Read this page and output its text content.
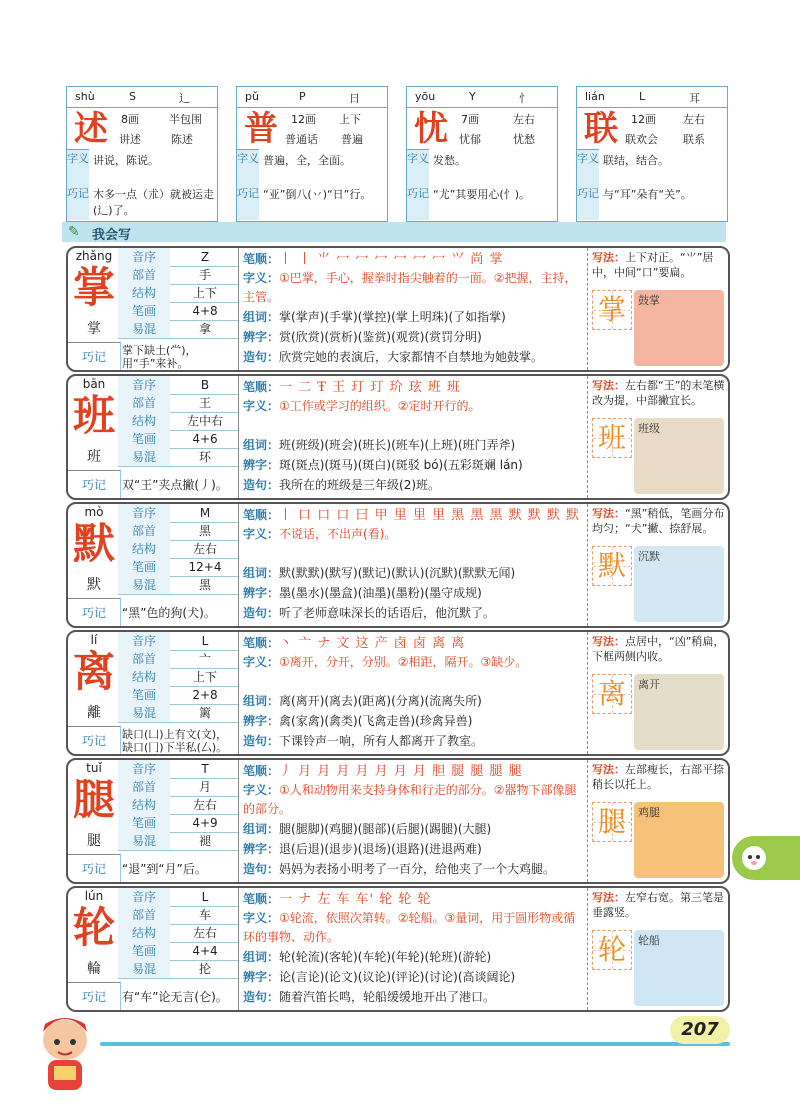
shù	S	辶
述	8画	半包围
讲述	陈述
字义 讲说，陈说。
巧记 木多一点（朮）就被运走(辶)了。
pǔ	P	日
普	12画 上下
普通话 普遍
字义 普遍，全，全面。
巧记 “亚”倒八(丷)“日”行。
yōu	Y	忄
忧	7画	左右
忧郁	忧愁
字义 发愁。
巧记 “尤”其要用心(忄)。
lián	L	耳
联	12画 左右
联欢会 联系
字义 联结，结合。
巧记 与“耳”朵有“关”。
✎ 我会写
zhǎng
掌
掌
音序	Z
部首	手
结构	上下
笔画	4+8
易混	拿
巧记	掌下缺土(龸)，用“手”来补。
笔顺：丨 丨 ⺌ 冖 冖 冖 冖 冖 冖 ⺍ 尚 掌
字义：①巴掌，手心，握拳时指尖触着的一面。②把握，主持，主管。
组词：掌(掌声)(手掌)(掌控)(掌上明珠)(了如指掌)
辨字：赏(欣赏)(赏析)(鉴赏)(观赏)(赏罚分明)
造句：欣赏完她的表演后，大家都情不自禁地为她鼓掌。
写法：上下对正。“⺌”居中，中间“口”要扁。
掌	鼓掌
bān
班
班
音序	B
部首	王
结构	左中右
笔画	4+6
易混	环
巧记	双“王”夹点撇(丿)。
笔顺：一 二 Ŧ 王 玎 玎 玠 玹 班 班
字义：①工作或学习的组织。②定时开行的。
组词：班(班级)(班会)(班长)(班车)(上班)(班门弄斧)
辨字：斑(斑点)(斑马)(斑白)(斑驳 bó)(五彩斑斓 lán)
造句：我所在的班级是三年级(2)班。
写法：左右都“王”的末笔横改为提，中部撇宜长。
班	班级
mò
默
默
音序	M
部首	黑
结构	左右
笔画	12+4
易混	黑
巧记	“黑”色的狗(犬)。
笔顺：丨 口 口 口 曰 甲 里 里 里 黑 黑 黑 默 默 默 默
字义：不说话，不出声(看)。
组词：默(默默)(默写)(默记)(默认)(沉默)(默默无闻)
辨字：墨(墨水)(墨盒)(油墨)(墨粉)(墨守成规)
造句：听了老师意味深长的话语后，他沉默了。
写法：“黑”稍低，笔画分布均匀；“犬”撇、捺舒展。
默	沉默
lí
离
離
音序	L
部首	亠
结构	上下
笔画	2+8
易混	篱
巧记	缺口(凵)上有文(文)，缺口(冂)下半私(厶)。
笔顺：丶 亠 ナ 文 这 产 卤 卤 离 离
字义：①离开，分开，分别。②相距，隔开。③缺少。
组词：离(离开)(离去)(距离)(分离)(流离失所)
辨字：禽(家禽)(禽类)(飞禽走兽)(珍禽异兽)
造句：下课铃声一响，所有人都离开了教室。
写法：点居中，“凶”稍扁，下框两侧内收。
离	离开
tuǐ
腿
腿
音序	T
部首	月
结构	左右
笔画	4+9
易混	褪
巧记	“退”到“月”后。
笔顺：丿 月 月 月 月 月 月 月 胆 腿 腿 腿 腿
字义：①人和动物用来支持身体和行走的部分。②器物下部像腿的部分。
组词：腿(腿脚)(鸡腿)(腿部)(后腿)(踢腿)(大腿)
辨字：退(后退)(退步)(退场)(退路)(进退两难)
造句：妈妈为表扬小明考了一百分，给他夹了一个大鸡腿。
写法：左部瘦长，右部平捺稍长以托上。
腿	鸡腿
lún
轮
輪
音序	L
部首	车
结构	左右
笔画	4+4
易混	抡
巧记	有“车”论无言(仑)。
笔顺：一 ナ 左 车 车' 轮 轮 轮
字义：①轮流，依照次第转。②轮船。③量词，用于圆形物或循环的事物、动作。
组词：轮(轮流)(客轮)(车轮)(年轮)(轮班)(游轮)
辨字：论(言论)(论文)(议论)(评论)(讨论)(高谈阔论)
造句：随着汽笛长鸣，轮船缓缓地开出了港口。
写法：左窄右宽。第三笔是垂露竖。
轮	轮船
207
